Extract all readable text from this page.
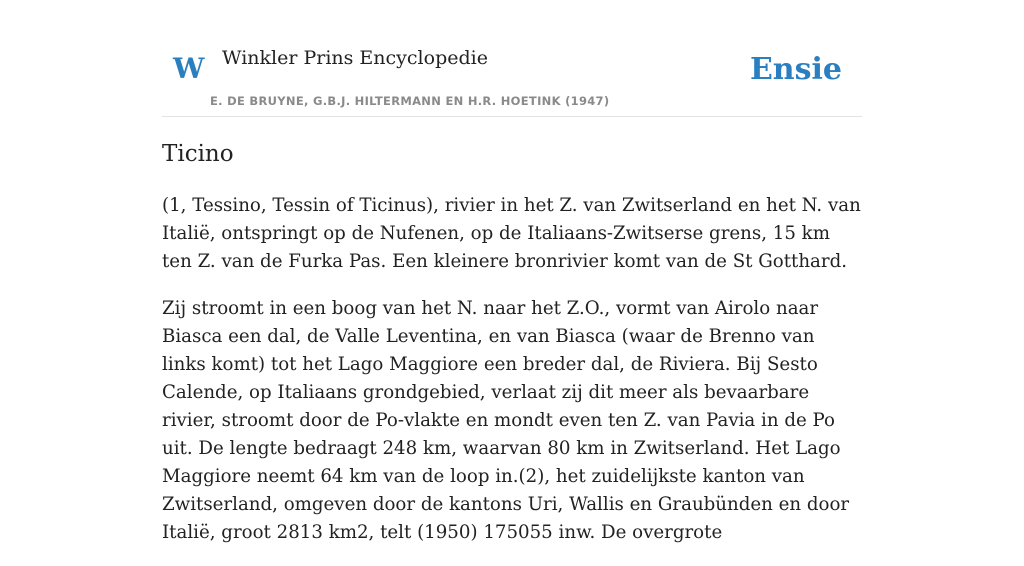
W Winkler Prins Encyclopedie
E. DE BRUYNE, G.B.J. HILTERMANN EN H.R. HOETINK (1947)
Ensie
Ticino

(1, Tessino, Tessin of Ticinus), rivier in het Z. van Zwitserland en het N. van Italië, ontspringt op de Nufenen, op de Italiaans-Zwitserse grens, 15 km ten Z. van de Furka Pas. Een kleinere bronrivier komt van de St Gotthard.

Zij stroomt in een boog van het N. naar het Z.O., vormt van Airolo naar Biasca een dal, de Valle Leventina, en van Biasca (waar de Brenno van links komt) tot het Lago Maggiore een breder dal, de Riviera. Bij Sesto Calende, op Italiaans grondgebied, verlaat zij dit meer als bevaarbare rivier, stroomt door de Po-vlakte en mondt even ten Z. van Pavia in de Po uit. De lengte bedraagt 248 km, waarvan 80 km in Zwitserland. Het Lago Maggiore neemt 64 km van de loop in.(2), het zuidelijkste kanton van Zwitserland, omgeven door de kantons Uri, Wallis en Graubünden en door Italië, groot 2813 km2, telt (1950) 175055 inw. De overgrote
